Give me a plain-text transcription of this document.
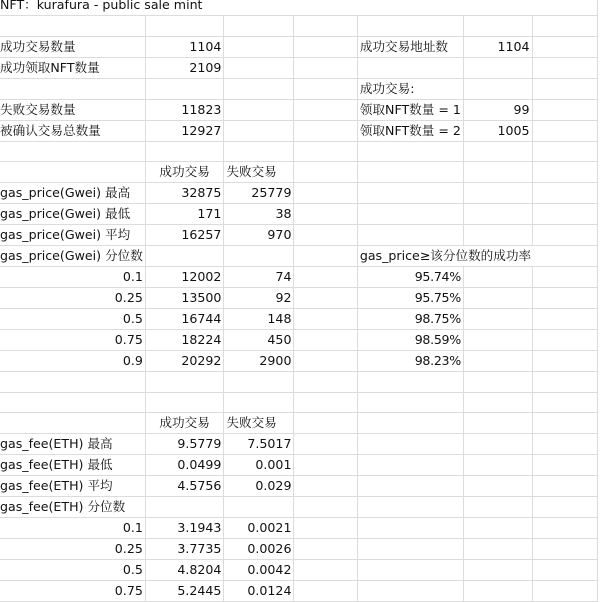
NFT：kurafura - public sale mint						

成功交易数量	1104			成功交易地址数	1104	
成功领取NFT数量	2109					
				成功交易:		
失败交易数量	11823			领取NFT数量 = 1	99	
被确认交易总数量	12927			领取NFT数量 = 2	1005	

	成功交易	失败交易				
gas_price(Gwei) 最高	32875	25779				
gas_price(Gwei) 最低	171	38				
gas_price(Gwei) 平均	16257	970				
gas_price(Gwei) 分位数				gas_price≥该分位数的成功率		
0.1	12002	74		95.74%		
0.25	13500	92		95.75%		
0.5	16744	148		98.75%		
0.75	18224	450		98.59%		
0.9	20292	2900		98.23%		

	成功交易	失败交易				
gas_fee(ETH) 最高	9.5779	7.5017				
gas_fee(ETH) 最低	0.0499	0.001				
gas_fee(ETH) 平均	4.5756	0.029				
gas_fee(ETH) 分位数						
0.1	3.1943	0.0021				
0.25	3.7735	0.0026				
0.5	4.8204	0.0042				
0.75	5.2445	0.0124				
